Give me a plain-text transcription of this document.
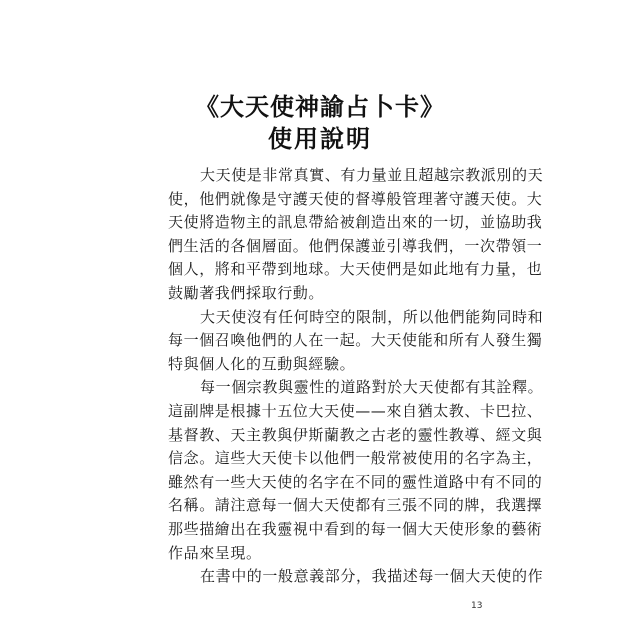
《大天使神諭占卜卡》
使用說明

大天使是非常真實、有力量並且超越宗教派別的天
使，他們就像是守護天使的督導般管理著守護天使。大
天使將造物主的訊息帶給被創造出來的一切，並協助我
們生活的各個層面。他們保護並引導我們，一次帶領一
個人，將和平帶到地球。大天使們是如此地有力量，也
鼓勵著我們採取行動。

大天使沒有任何時空的限制，所以他們能夠同時和
每一個召喚他們的人在一起。大天使能和所有人發生獨
特與個人化的互動與經驗。

每一個宗教與靈性的道路對於大天使都有其詮釋。
這副牌是根據十五位大天使——來自猶太教、卡巴拉、
基督教、天主教與伊斯蘭教之古老的靈性教導、經文與
信念。這些大天使卡以他們一般常被使用的名字為主，
雖然有一些大天使的名字在不同的靈性道路中有不同的
名稱。請注意每一個大天使都有三張不同的牌，我選擇
那些描繪出在我靈視中看到的每一個大天使形象的藝術
作品來呈現。

在書中的一般意義部分，我描述每一個大天使的作

13
